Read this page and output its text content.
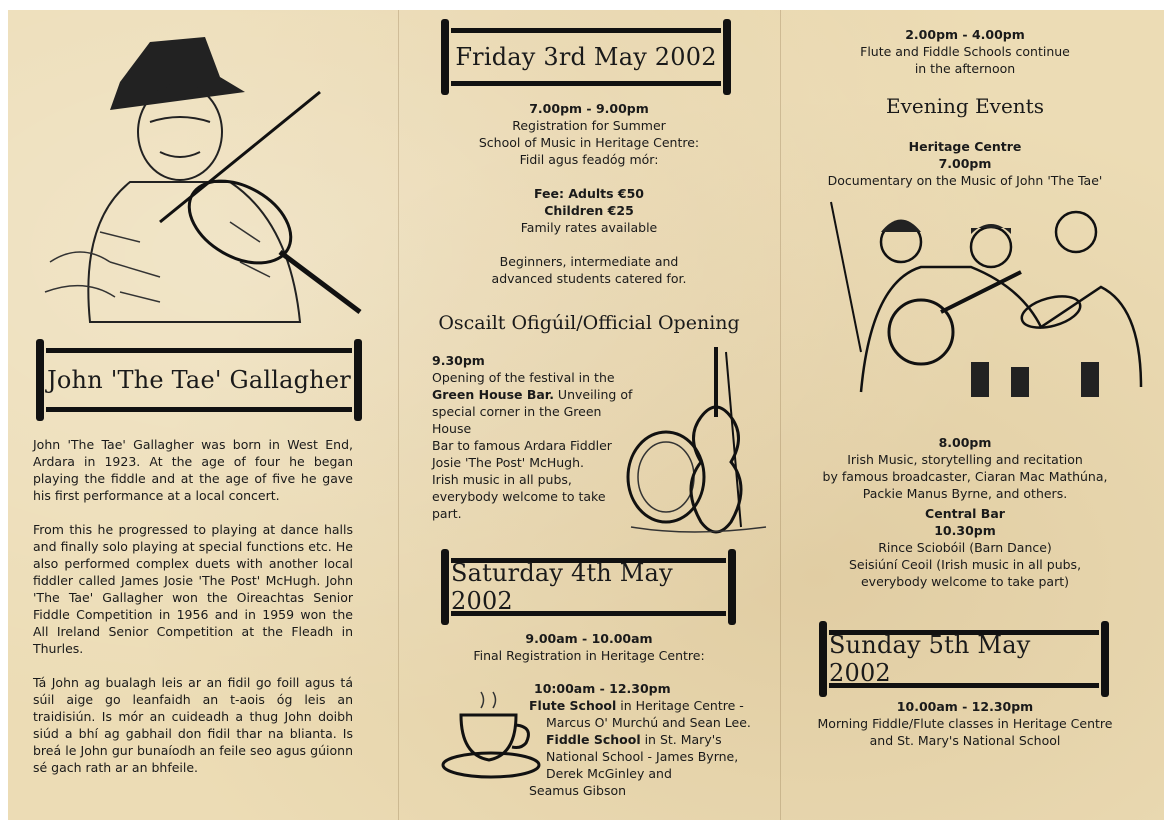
John 'The Tae' Gallagher

John 'The Tae' Gallagher was born in West End, Ardara in 1923. At the age of four he began playing the fiddle and at the age of five he gave his first performance at a local concert.

From this he progressed to playing at dance halls and finally solo playing at special functions etc. He also performed complex duets with another local fiddler called James Josie 'The Post' McHugh. John 'The Tae' Gallagher won the Oireachtas Senior Fiddle Competition in 1956 and in 1959 won the All Ireland Senior Competition at the Fleadh in Thurles.

Tá John ag bualagh leis ar an fidil go foill agus tá súil aige go leanfaidh an t-aois óg leis an traidisiún. Is mór an cuideadh a thug John doibh siúd a bhí ag gabhail don fidil thar na blianta. Is breá le John gur bunaíodh an feile seo agus gúionn sé gach rath ar an bhfeile.

Friday 3rd May 2002
7.00pm - 9.00pm
Registration for Summer
School of Music in Heritage Centre:
Fidil agus feadóg mór:
Fee: Adults €50
Children €25
Family rates available
Beginners, intermediate and
advanced students catered for.
Oscailt Ofigúil/Official Opening
9.30pm
Opening of the festival in the
Green House Bar. Unveiling of
special corner in the Green House
Bar to famous Ardara Fiddler
Josie 'The Post' McHugh.
Irish music in all pubs,
everybody welcome to take
part.
Saturday 4th May 2002
9.00am - 10.00am
Final Registration in Heritage Centre:
10:00am - 12.30pm
Flute School in Heritage Centre -
Marcus O' Murchú and Sean Lee.
Fiddle School in St. Mary's
National School - James Byrne,
Derek McGinley and
Seamus Gibson
2.00pm - 4.00pm
Flute and Fiddle Schools continue
in the afternoon
Evening Events
Heritage Centre
7.00pm
Documentary on the Music of John 'The Tae'
8.00pm
Irish Music, storytelling and recitation
by famous broadcaster, Ciaran Mac Mathúna,
Packie Manus Byrne, and others.
Central Bar
10.30pm
Rince Sciobóil (Barn Dance)
Seisiúní Ceoil (Irish music in all pubs,
everybody welcome to take part)
Sunday 5th May 2002
10.00am - 12.30pm
Morning Fiddle/Flute classes in Heritage Centre
and St. Mary's National School
